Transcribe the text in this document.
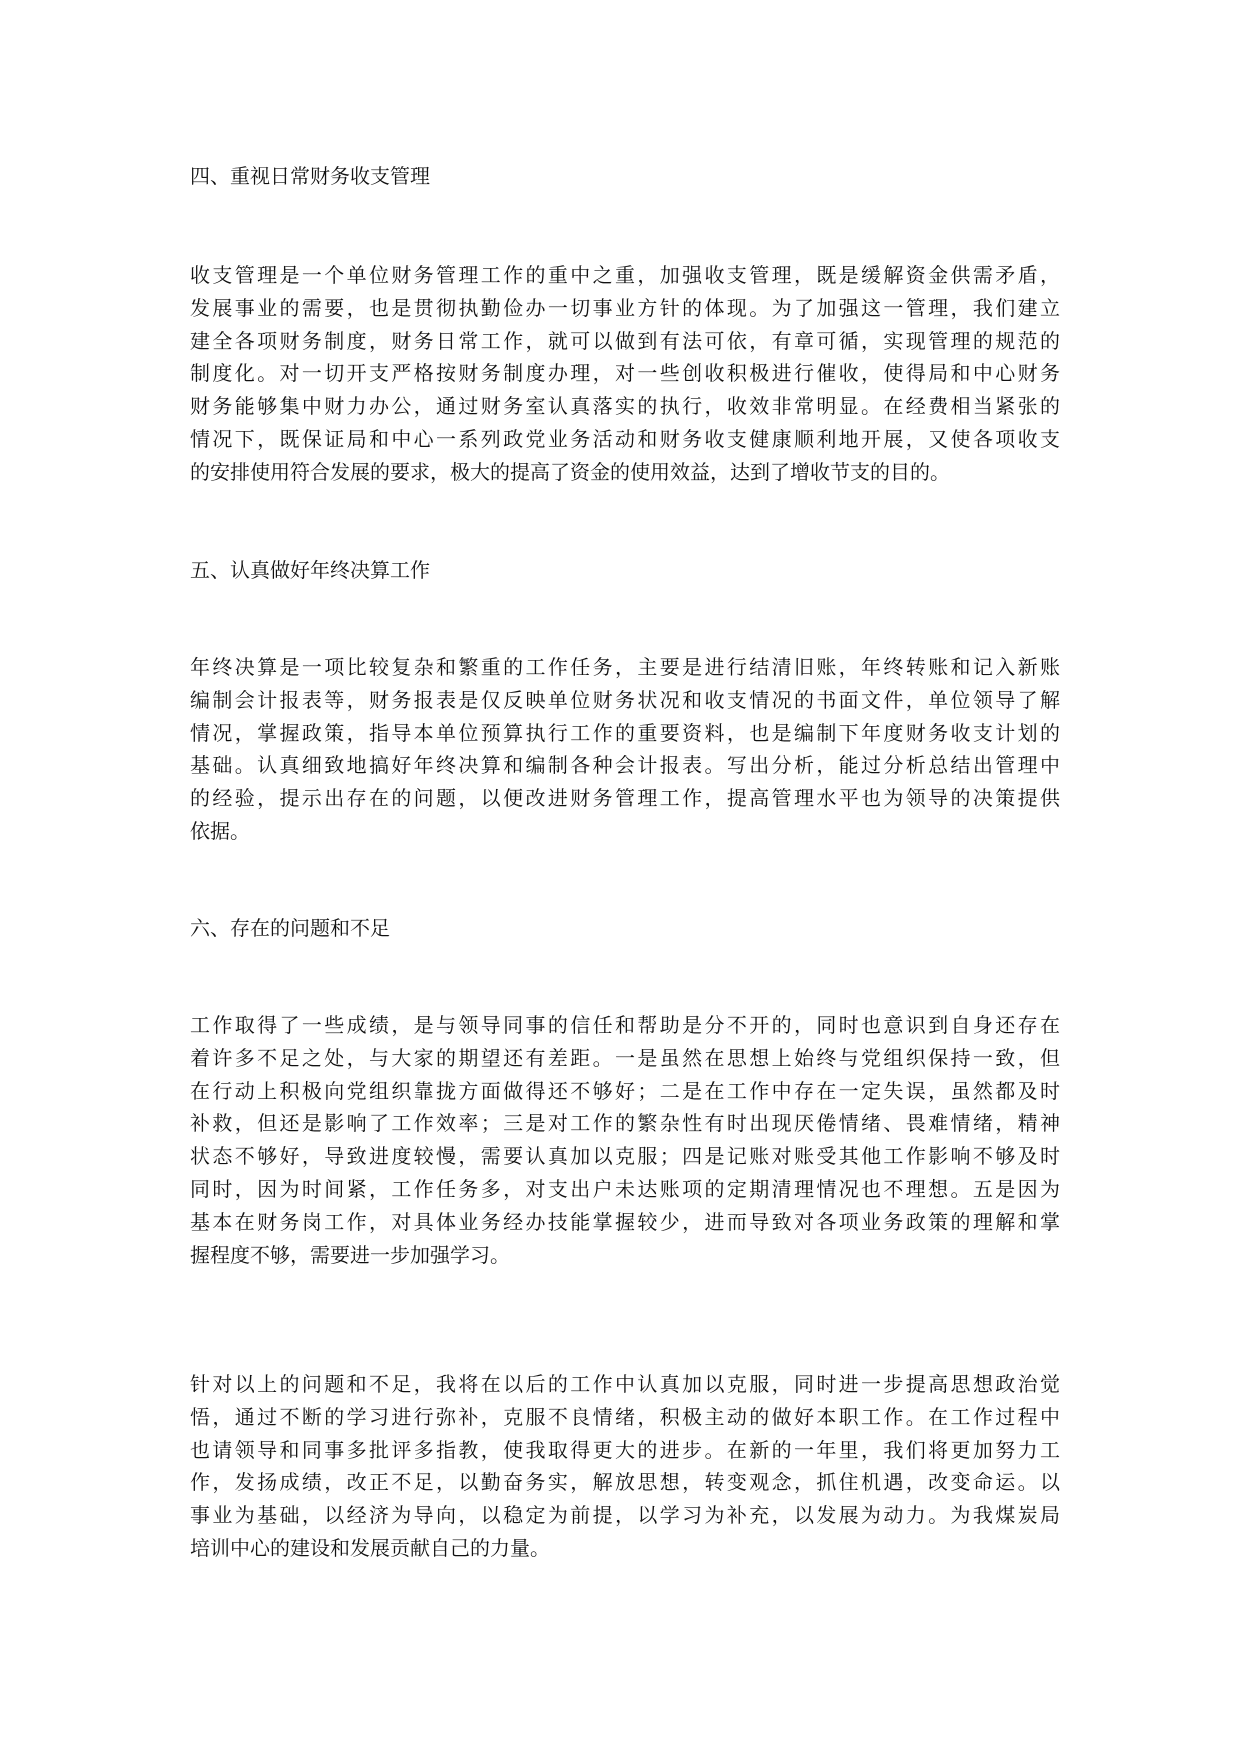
四、重视日常财务收支管理

收支管理是一个单位财务管理工作的重中之重，加强收支管理，既是缓解资金供需矛盾，
发展事业的需要，也是贯彻执勤俭办一切事业方针的体现。为了加强这一管理，我们建立
建全各项财务制度，财务日常工作，就可以做到有法可依，有章可循，实现管理的规范的
制度化。对一切开支严格按财务制度办理，对一些创收积极进行催收，使得局和中心财务
财务能够集中财力办公，通过财务室认真落实的执行，收效非常明显。在经费相当紧张的
情况下，既保证局和中心一系列政党业务活动和财务收支健康顺利地开展，又使各项收支
的安排使用符合发展的要求，极大的提高了资金的使用效益，达到了增收节支的目的。

五、认真做好年终决算工作

年终决算是一项比较复杂和繁重的工作任务，主要是进行结清旧账，年终转账和记入新账
编制会计报表等，财务报表是仅反映单位财务状况和收支情况的书面文件，单位领导了解
情况，掌握政策，指导本单位预算执行工作的重要资料，也是编制下年度财务收支计划的
基础。认真细致地搞好年终决算和编制各种会计报表。写出分析，能过分析总结出管理中
的经验，提示出存在的问题，以便改进财务管理工作，提高管理水平也为领导的决策提供
依据。

六、存在的问题和不足

工作取得了一些成绩，是与领导同事的信任和帮助是分不开的，同时也意识到自身还存在
着许多不足之处，与大家的期望还有差距。一是虽然在思想上始终与党组织保持一致，但
在行动上积极向党组织靠拢方面做得还不够好；二是在工作中存在一定失误，虽然都及时
补救，但还是影响了工作效率；三是对工作的繁杂性有时出现厌倦情绪、畏难情绪，精神
状态不够好，导致进度较慢，需要认真加以克服；四是记账对账受其他工作影响不够及时
同时，因为时间紧，工作任务多，对支出户未达账项的定期清理情况也不理想。五是因为
基本在财务岗工作，对具体业务经办技能掌握较少，进而导致对各项业务政策的理解和掌
握程度不够，需要进一步加强学习。

针对以上的问题和不足，我将在以后的工作中认真加以克服，同时进一步提高思想政治觉
悟，通过不断的学习进行弥补，克服不良情绪，积极主动的做好本职工作。在工作过程中
也请领导和同事多批评多指教，使我取得更大的进步。在新的一年里，我们将更加努力工
作，发扬成绩，改正不足，以勤奋务实，解放思想，转变观念，抓住机遇，改变命运。以
事业为基础，以经济为导向，以稳定为前提，以学习为补充，以发展为动力。为我煤炭局
培训中心的建设和发展贡献自己的力量。
